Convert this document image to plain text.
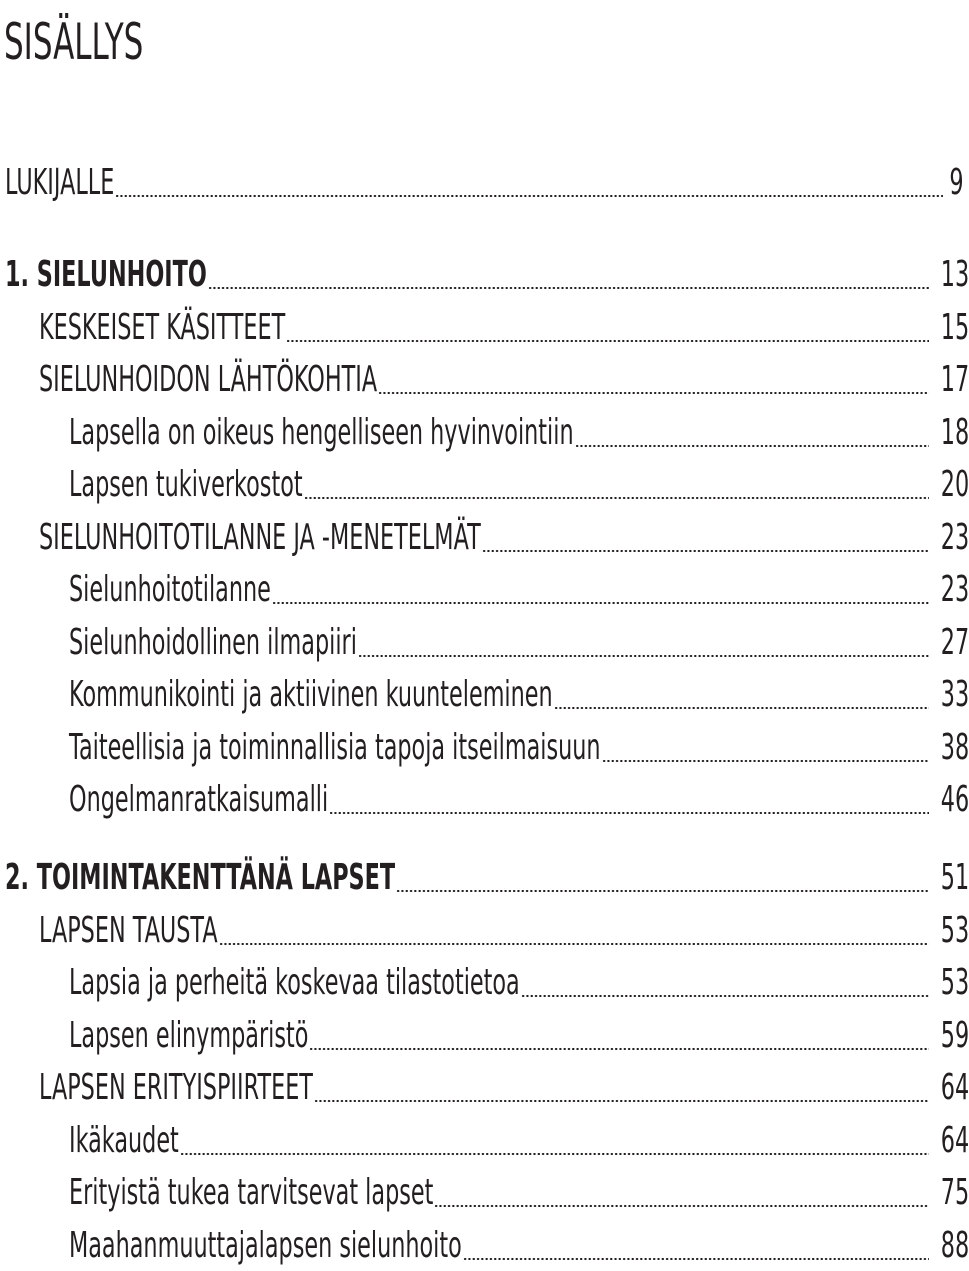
SISÄLLYS
LUKIJALLE	9
1. SIELUNHOITO	13
KESKEISET KÄSITTEET	15
SIELUNHOIDON LÄHTÖKOHTIA	17
Lapsella on oikeus hengelliseen hyvinvointiin	18
Lapsen tukiverkostot	20
SIELUNHOITOTILANNE JA -MENETELMÄT	23
Sielunhoitotilanne	23
Sielunhoidollinen ilmapiiri	27
Kommunikointi ja aktiivinen kuunteleminen	33
Taiteellisia ja toiminnallisia tapoja itseilmaisuun	38
Ongelmanratkaisumalli	46
2. TOIMINTAKENTTÄNÄ LAPSET	51
LAPSEN TAUSTA	53
Lapsia ja perheitä koskevaa tilastotietoa	53
Lapsen elinympäristö	59
LAPSEN ERITYISPIIRTEET	64
Ikäkaudet	64
Erityistä tukea tarvitsevat lapset	75
Maahanmuuttajalapsen sielunhoito	88
